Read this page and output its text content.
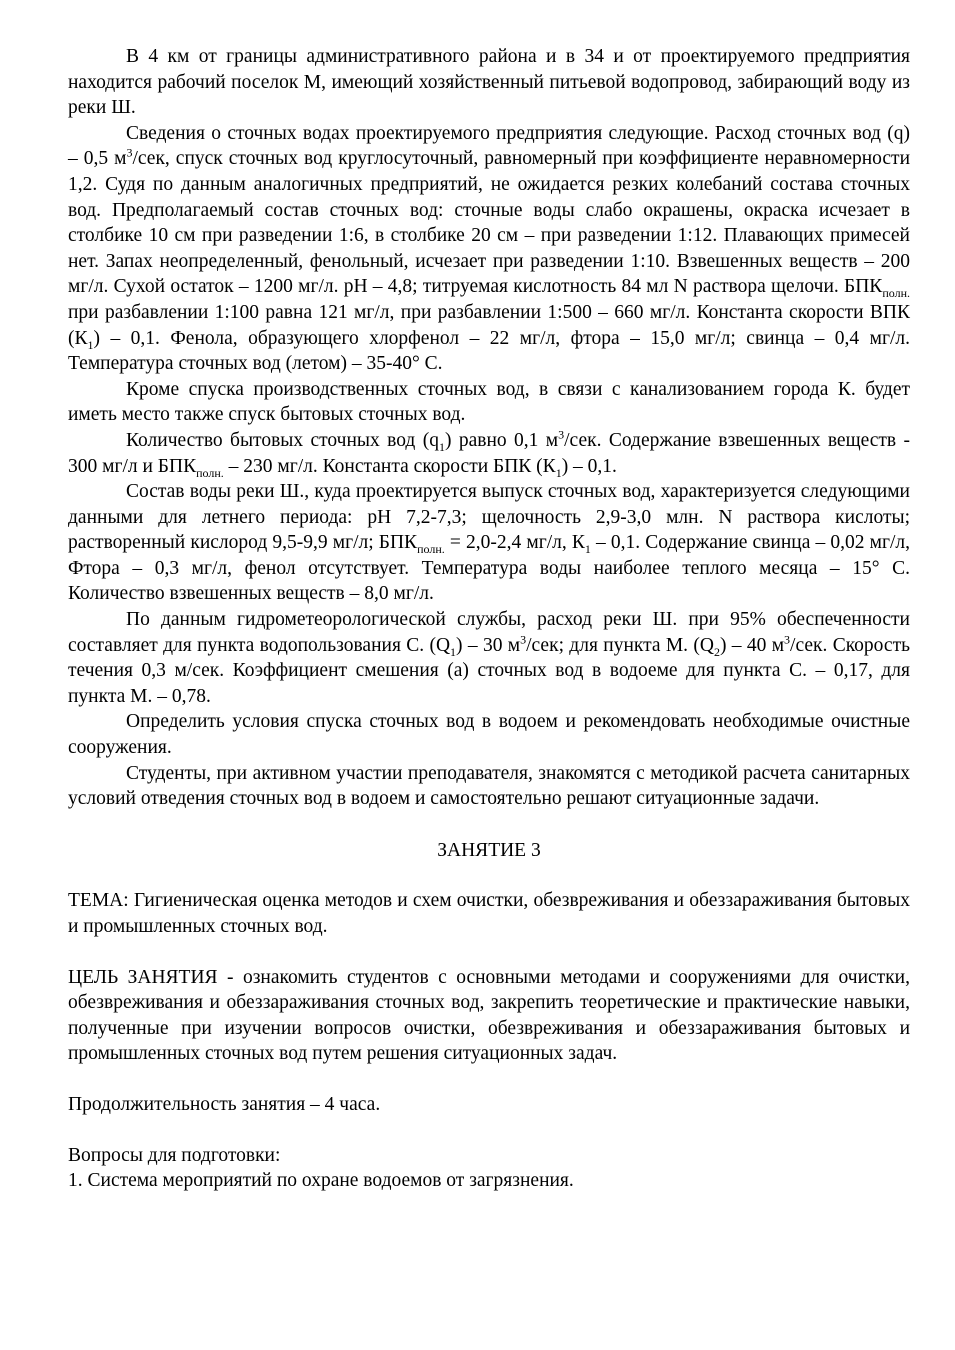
В 4 км от границы административного района и в 34 и от проектируемого предприятия находится рабочий поселок М, имеющий хозяйственный питьевой водопровод, забирающий воду из реки Ш.

Сведения о сточных водах проектируемого предприятия следующие. Расход сточных вод (q) – 0,5 $м^3$/сек, спуск сточных вод круглосуточный, равномерный при коэффициенте неравномерности 1,2. Судя по данным аналогичных предприятий, не ожидается резких колебаний состава сточных вод. Предполагаемый состав сточных вод: сточные воды слабо окрашены, окраска исчезает в столбике 10 см при разведении 1:6, в столбике 20 см – при разведении 1:12. Плавающих примесей нет. Запах неопределенный, фенольный, исчезает при разведении 1:10. Взвешенных веществ – 200 мг/л. Сухой остаток – 1200 мг/л. рН – 4,8; титруемая кислотность 84 мл N раствора щелочи. $БПК_{полн.}$ при разбавлении 1:100 равна 121 мг/л, при разбавлении 1:500 – 660 мг/л. Константа скорости ВПК $(К_1) - 0,1$. Фенола, образующего хлорфенол – 22 мг/л, фтора – 15,0 мг/л; свинца – 0,4 мг/л. Температура сточных вод (летом) – 35-40° С.

Кроме спуска производственных сточных вод, в связи с канализованием города К. будет иметь место также спуск бытовых сточных вод.

Количество бытовых сточных вод $(q_1)$ равно 0,1 $м^3$/сек. Содержание взвешенных веществ - 300 мг/л и $БПК_{полн.} - 230$ мг/л. Константа скорости БПК $(К_1) - 0,1$.

Состав воды реки Ш., куда проектируется выпуск сточных вод, характеризуется следующими данными для летнего периода: рН 7,2-7,3; щелочность 2,9-3,0 млн. N раствора кислоты; растворенный кислород 9,5-9,9 мг/л; $БПК_{полн.} = 2,0-2,4$ мг/л, $К_1 - 0,1$. Содержание свинца – 0,02 мг/л, Фтора – 0,3 мг/л, фенол отсутствует. Температура воды наиболее теплого месяца – 15° С. Количество взвешенных веществ – 8,0 мг/л.

По данным гидрометеорологической службы, расход реки Ш. при 95% обеспеченности составляет для пункта водопользования С. $(Q_1) - 30$ $м^3$/сек; для пункта М. $(Q_2) - 40$ $м^3$/сек. Скорость течения 0,3 м/сек. Коэффициент смешения (а) сточных вод в водоеме для пункта С. – 0,17, для пункта М. – 0,78.

Определить условия спуска сточных вод в водоем и рекомендовать необходимые очистные сооружения.

Студенты, при активном участии преподавателя, знакомятся с методикой расчета санитарных условий отведения сточных вод в водоем и самостоятельно решают ситуационные задачи.

ЗАНЯТИЕ 3

ТЕМА: Гигиеническая оценка методов и схем очистки, обезвреживания и обеззараживания бытовых и промышленных сточных вод.

ЦЕЛЬ ЗАНЯТИЯ - ознакомить студентов с основными методами и сооружениями для очистки, обезвреживания и обеззараживания сточных вод, закрепить теоретические и практические навыки, полученные при изучении вопросов очистки, обезвреживания и обеззараживания бытовых и промышленных сточных вод путем решения ситуационных задач.

Продолжительность занятия – 4 часа.

Вопросы для подготовки:

1. Система мероприятий по охране водоемов от загрязнения.
